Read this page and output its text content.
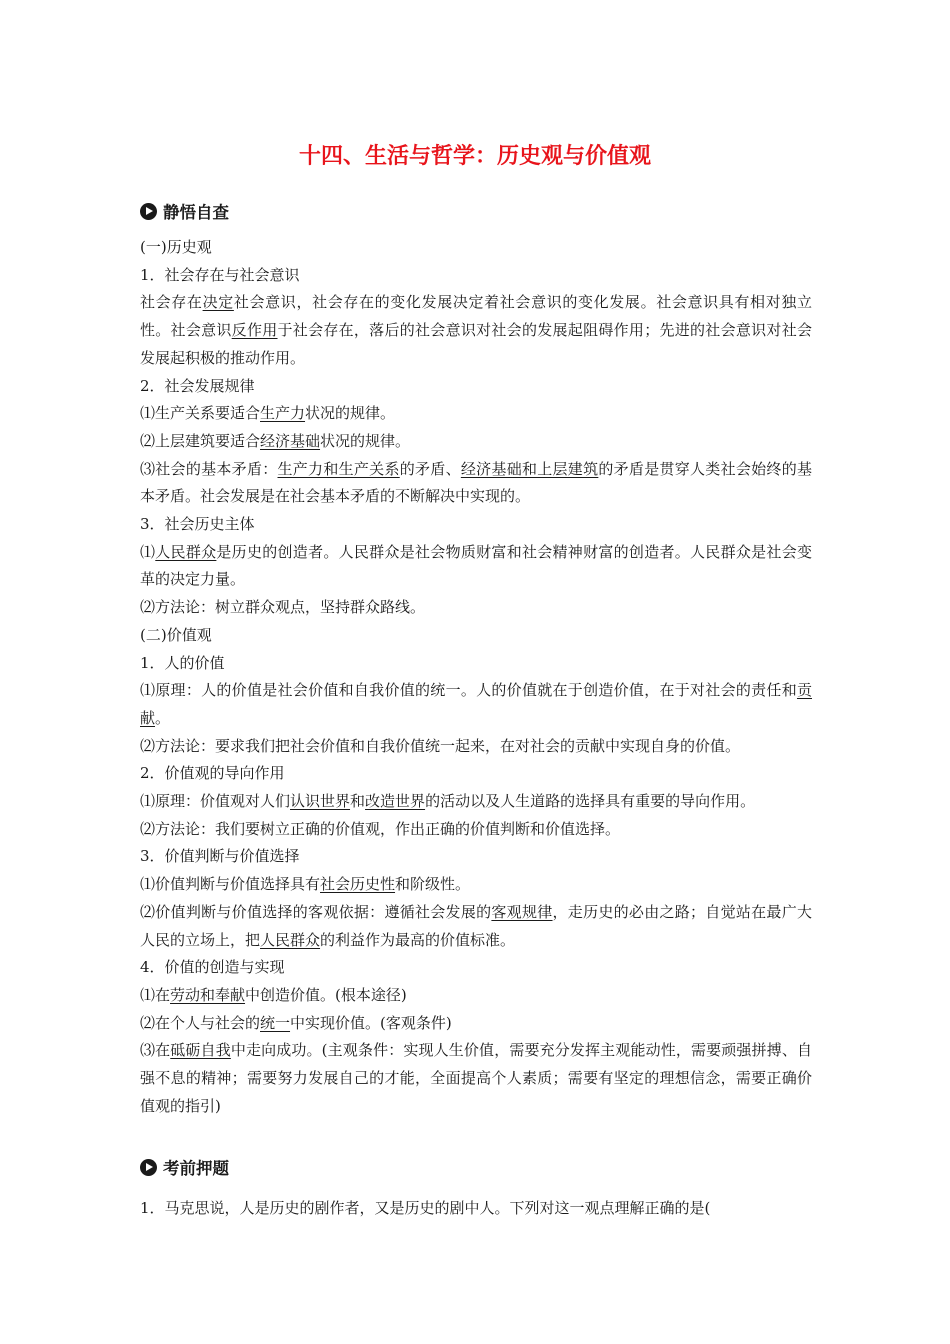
十四、生活与哲学：历史观与价值观
静悟自查

(一)历史观

1．社会存在与社会意识

社会存在决定社会意识，社会存在的变化发展决定着社会意识的变化发展。社会意识具有相对独立性。社会意识反作用于社会存在，落后的社会意识对社会的发展起阻碍作用；先进的社会意识对社会发展起积极的推动作用。

2．社会发展规律

⑴生产关系要适合生产力状况的规律。

⑵上层建筑要适合经济基础状况的规律。

⑶社会的基本矛盾：生产力和生产关系的矛盾、经济基础和上层建筑的矛盾是贯穿人类社会始终的基本矛盾。社会发展是在社会基本矛盾的不断解决中实现的。

3．社会历史主体

⑴人民群众是历史的创造者。人民群众是社会物质财富和社会精神财富的创造者。人民群众是社会变革的决定力量。

⑵方法论：树立群众观点，坚持群众路线。

(二)价值观

1．人的价值

⑴原理：人的价值是社会价值和自我价值的统一。人的价值就在于创造价值，在于对社会的责任和贡献。

⑵方法论：要求我们把社会价值和自我价值统一起来，在对社会的贡献中实现自身的价值。

2．价值观的导向作用

⑴原理：价值观对人们认识世界和改造世界的活动以及人生道路的选择具有重要的导向作用。

⑵方法论：我们要树立正确的价值观，作出正确的价值判断和价值选择。

3．价值判断与价值选择

⑴价值判断与价值选择具有社会历史性和阶级性。

⑵价值判断与价值选择的客观依据：遵循社会发展的客观规律，走历史的必由之路；自觉站在最广大人民的立场上，把人民群众的利益作为最高的价值标准。

4．价值的创造与实现

⑴在劳动和奉献中创造价值。(根本途径)

⑵在个人与社会的统一中实现价值。(客观条件)

⑶在砥砺自我中走向成功。(主观条件：实现人生价值，需要充分发挥主观能动性，需要顽强拼搏、自强不息的精神；需要努力发展自己的才能，全面提高个人素质；需要有坚定的理想信念，需要正确价值观的指引)

考前押题
1．马克思说，人是历史的剧作者，又是历史的剧中人。下列对这一观点理解正确的是(
